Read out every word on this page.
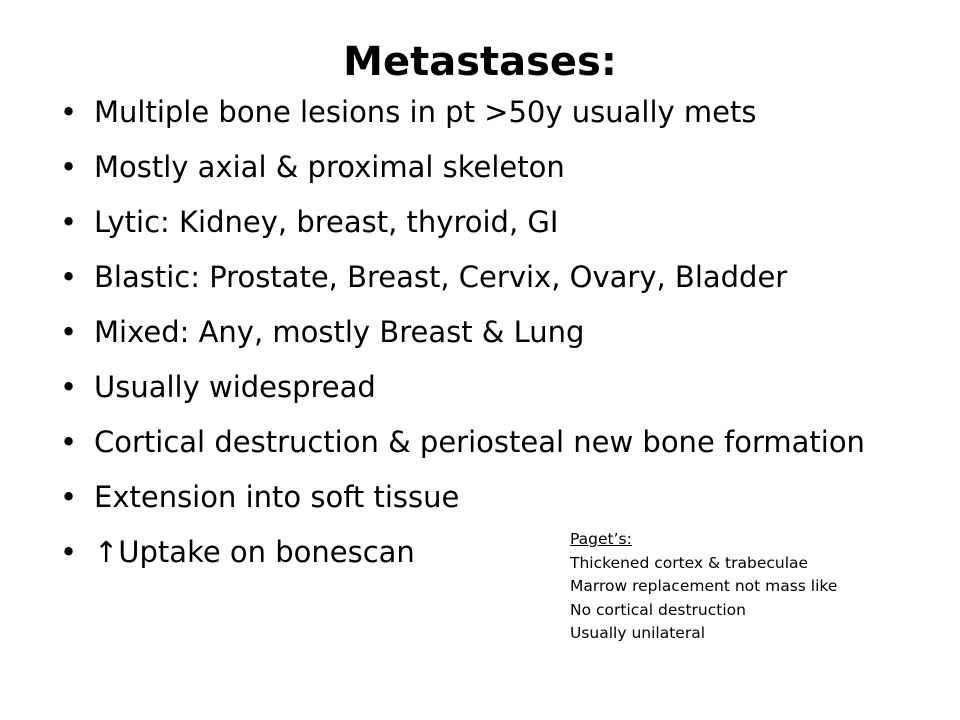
Metastases:
• Multiple bone lesions in pt >50y usually mets
• Mostly axial & proximal skeleton
• Lytic: Kidney, breast, thyroid, GI
• Blastic: Prostate, Breast, Cervix, Ovary, Bladder
• Mixed: Any, mostly Breast & Lung
• Usually widespread
• Cortical destruction & periosteal new bone formation
• Extension into soft tissue
• ↑Uptake on bonescan	Paget’s:
Thickened cortex & trabeculae
Marrow replacement not mass like
No cortical destruction
Usually unilateral
